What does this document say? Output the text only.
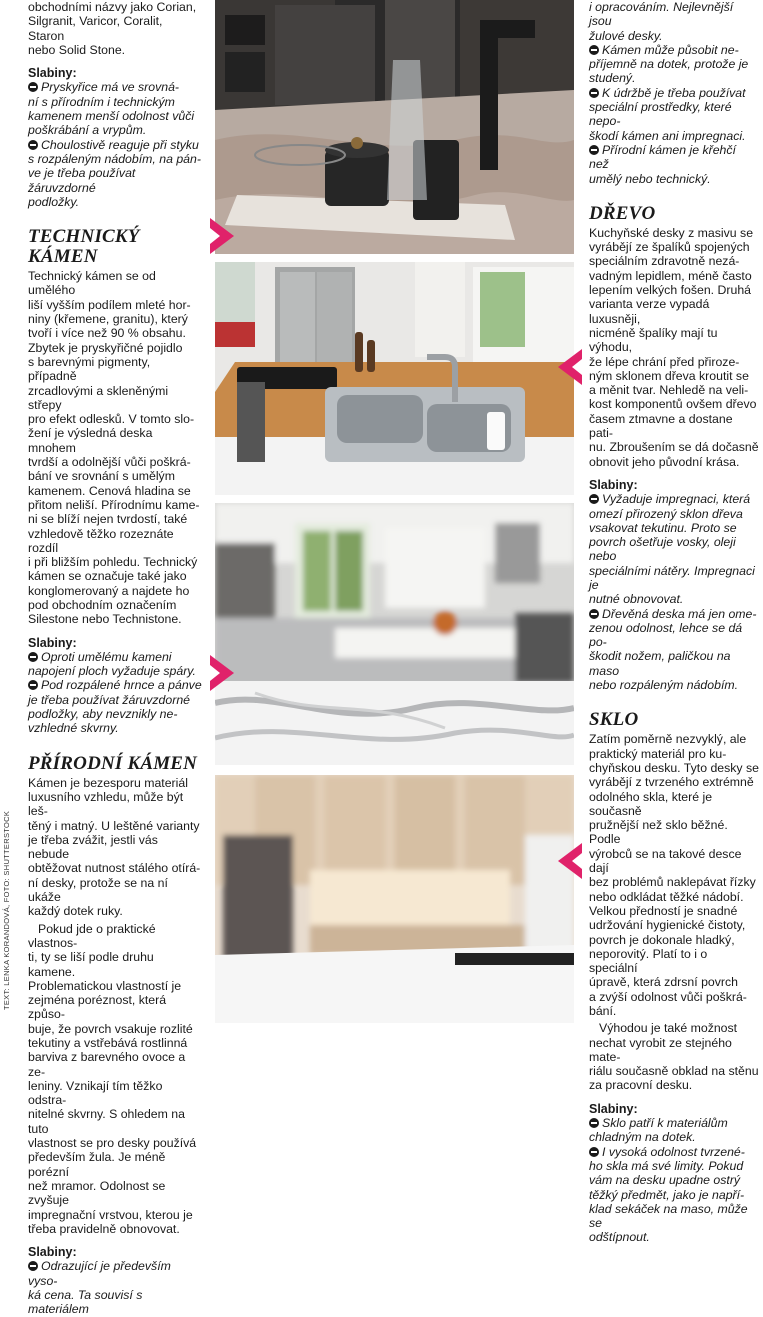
obchodními názvy jako Corian,

Silgranit, Varicor, Coralit, Staron

nebo Solid Stone.

Slabiny:

Pryskyřice má ve srovná-

ní s přírodním i technickým

kamenem menší odolnost vůči

poškrábání a vrypům.

Choulostivě reaguje při styku

s rozpáleným nádobím, na pán-

ve je třeba používat žáruvzdorné

podložky.

TECHNICKÝ KÁMEN

Technický kámen se od umělého

liší vyšším podílem mleté hor-

niny (křemene, granitu), který

tvoří i více než 90 % obsahu.

Zbytek je pryskyřičné pojidlo

s barevnými pigmenty, případně

zrcadlovými a skleněnými střepy

pro efekt odlesků. V tomto slo-

žení je výsledná deska mnohem

tvrdší a odolnější vůči poškrá-

bání ve srovnání s umělým

kamenem. Cenová hladina se

přitom neliší. Přírodnímu kame-

ni se blíží nejen tvrdostí, také

vzhledově těžko rozeznáte rozdíl

i při bližším pohledu. Technický

kámen se označuje také jako

konglomerovaný a najdete ho

pod obchodním označením

Silestone nebo Technistone.

Slabiny:

Oproti umělému kameni

napojení ploch vyžaduje spáry.

Pod rozpálené hrnce a pánve

je třeba používat žáruvzdorné

podložky, aby nevznikly ne-

vzhledné skvrny.

PŘÍRODNÍ KÁMEN

Kámen je bezesporu materiál

luxusního vzhledu, může být leš-

těný i matný. U leštěné varianty

je třeba zvážit, jestli vás nebude

obtěžovat nutnost stálého otírá-

ní desky, protože se na ní ukáže

každý dotek ruky.

Pokud jde o praktické vlastnos-

ti, ty se liší podle druhu kamene.

Problematickou vlastností je

zejména poréznost, která způso-

buje, že povrch vsakuje rozlité

tekutiny a vstřebává rostlinná

barviva z barevného ovoce a ze-

leniny. Vznikají tím těžko odstra-

nitelné skvrny. S ohledem na tuto

vlastnost se pro desky používá

především žula. Je méně porézní

než mramor. Odolnost se zvyšuje

impregnační vrstvou, kterou je

třeba pravidelně obnovovat.

Slabiny:

Odrazující je především vyso-

ká cena. Ta souvisí s materiálem

TEXT: LENKA KORANDOVÁ, FOTO: SHUTTERSTOCK

i opracováním. Nejlevnější jsou

žulové desky.

Kámen může působit ne-

příjemně na dotek, protože je

studený.

K údržbě je třeba používat

speciální prostředky, které nepo-

škodí kámen ani impregnaci.

Přírodní kámen je křehčí než

umělý nebo technický.

DŘEVO

Kuchyňské desky z masivu se

vyrábějí ze špalíků spojených

speciálním zdravotně nezá-

vadným lepidlem, méně často

lepením velkých fošen. Druhá

varianta verze vypadá luxusněji,

nicméně špalíky mají tu výhodu,

že lépe chrání před přiroze-

ným sklonem dřeva kroutit se

a měnit tvar. Nehledě na veli-

kost komponentů ovšem dřevo

časem ztmavne a dostane pati-

nu. Zbroušením se dá dočasně

obnovit jeho původní krása.

Slabiny:

Vyžaduje impregnaci, která

omezí přirozený sklon dřeva

vsakovat tekutinu. Proto se

povrch ošetřuje vosky, oleji nebo

speciálními nátěry. Impregnaci je

nutné obnovovat.

Dřevěná deska má jen ome-

zenou odolnost, lehce se dá po-

škodit nožem, paličkou na maso

nebo rozpáleným nádobím.

SKLO

Zatím poměrně nezvyklý, ale

praktický materiál pro ku-

chyňskou desku. Tyto desky se

vyrábějí z tvrzeného extrémně

odolného skla, které je současně

pružnější než sklo běžné. Podle

výrobců se na takové desce dají

bez problémů naklepávat řízky

nebo odkládat těžké nádobí.

Velkou předností je snadné

udržování hygienické čistoty,

povrch je dokonale hladký,

neporovitý. Platí to i o speciální

úpravě, která zdrsní povrch

a zvýší odolnost vůči poškrá-

bání.

Výhodou je také možnost

nechat vyrobit ze stejného mate-

riálu současně obklad na stěnu

za pracovní desku.

Slabiny:

Sklo patří k materiálům

chladným na dotek.

I vysoká odolnost tvrzené-

ho skla má své limity. Pokud

vám na desku upadne ostrý

těžký předmět, jako je napří-

klad sekáček na maso, může se

odštípnout.
